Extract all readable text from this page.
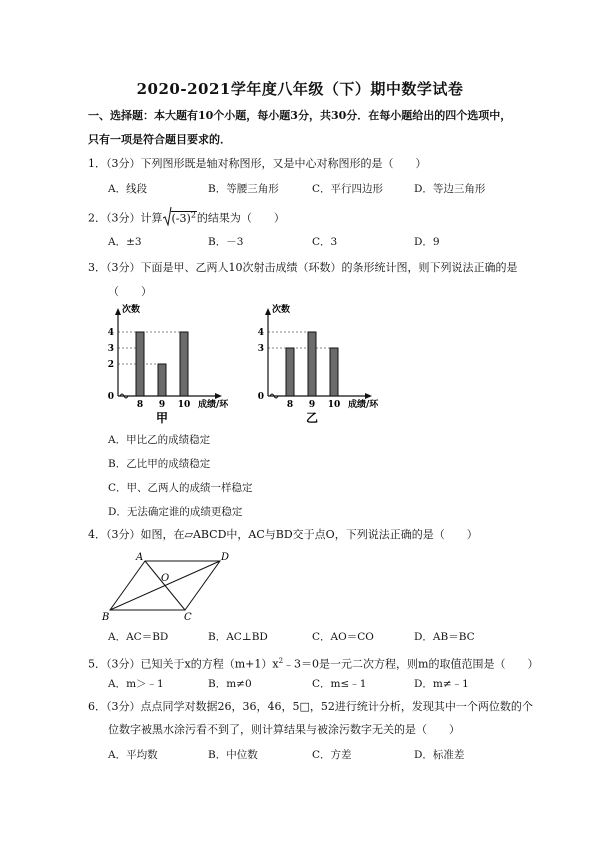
2020-2021学年度八年级（下）期中数学试卷
一、选择题：本大题有10个小题，每小题3分，共30分．在每小题给出的四个选项中，
只有一项是符合题目要求的．
1．（3分）下列图形既是轴对称图形，又是中心对称图形的是（　　）
A．线段	B．等腰三角形	C．平行四边形	D．等边三角形
2．（3分）计算 $(-3)^2$的结果为（　　）
A．±3	B．－3	C．3	D．9
3．（3分）下面是甲、乙两人10次射击成绩（环数）的条形统计图，则下列说法正确的是
（　　）
次数
0
2
3
4
8 9 10 成绩/环
甲
次数
0
3
4
8 9 10 成绩/环
乙
A．甲比乙的成绩稳定
B．乙比甲的成绩稳定
C．甲、乙两人的成绩一样稳定
D．无法确定谁的成绩更稳定
4．（3分）如图，在▱ABCD中，AC与BD交于点O，下列说法正确的是（　　）
A	D
B	C
O
A．AC＝BD	B．AC⊥BD	C．AO＝CO	D．AB＝BC
5．（3分）已知关于x的方程$(m+1)x^2﹣3=0$是一元二次方程，则m的取值范围是（　　）
A．m＞﹣1	B．m≠0	C．m≤﹣1	D．m≠﹣1
6．（3分）点点同学对数据26，36，46，5□，52进行统计分析，发现其中一个两位数的个
位数字被黑水涂污看不到了，则计算结果与被涂污数字无关的是（　　）
A．平均数	B．中位数	C．方差	D．标准差
